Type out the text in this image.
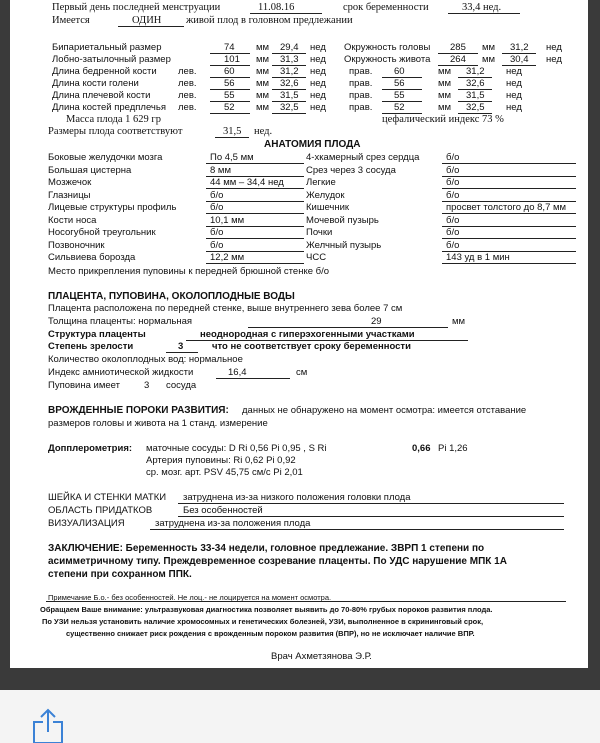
Первый день последней менструации	11.08.16	срок беременности	33,4 нед.
Имеется	ОДИН живой плод в головном предлежании
Бипариетальный размер	74 мм 29,4 нед Окружность головы 285 мм 31,2 нед
Лобно-затылочный размер	101 мм 31,3 нед Окружность живота 264 мм 30,4 нед
Длина бедренной кости лев.	60 мм 31,2 нед прав. 60	мм 31,2 нед
Длина кости голени	лев.	56 мм 32,6 нед прав. 56	мм 32,6 нед
Длина плечевой кости	лев.	55 мм 31,5 нед прав. 55	мм 31,5 нед
Длина костей предплечья лев.	52 мм 32,5 нед прав. 52	мм 32,5 нед
Масса плода 1 629 гр	цефалический индекс 73 %
Размеры плода соответствуют	31,5 нед.
АНАТОМИЯ ПЛОДА
Боковые желудочки мозга	По 4,5 мм	4-хкамерный срез сердца	б/о
Большая цистерна	8 мм	Срез через 3 сосуда	б/о
Мозжечок	44 мм – 34,4 нед Легкие	б/о
Глазницы	б/о	Желудок	б/о
Лицевые структуры профиль	б/о	Кишечник	просвет толстого до 8,7 мм
Кости носа	10,1 мм	Мочевой пузырь	б/о
Носогубной треугольник	б/о	Почки	б/о
Позвоночник	б/о	Желчный пузырь	б/о
Сильвиева борозда	12,2 мм	ЧСС	143 уд в 1 мин
Место прикрепления пуповины к передней брюшной стенке б/о
ПЛАЦЕНТА, ПУПОВИНА, ОКОЛОПЛОДНЫЕ ВОДЫ
Плацента расположена по передней стенке, выше внутреннего зева более 7 см
Толщина плаценты: нормальная	29	мм
Структура плаценты	неоднородная с гиперэхогенными участками
Степень зрелости	3	что не соответствует сроку беременности
Количество околоплодных вод: нормальное
Индекс амниотической жидкости	16,4	см
Пуповина имеет	3 сосуда
ВРОЖДЕННЫЕ ПОРОКИ РАЗВИТИЯ: данных не обнаружено на момент осмотра: имеется отставание
размеров головы и живота на 1 станд. измерение
Допплерометрия: маточные сосуды: D Ri 0,56 Pi 0,95 , S Ri	0,66 Pi 1,26
Артерия пуповины: Ri 0,62 Pi 0,92
ср. мозг. арт. PSV 45,75 см/с Pi 2,01
ШЕЙКА И СТЕНКИ МАТКИ затруднена из-за низкого положения головки плода
ОБЛАСТЬ ПРИДАТКОВ	Без особенностей
ВИЗУАЛИЗАЦИЯ	затруднена из-за положения плода
ЗАКЛЮЧЕНИЕ: Беременность 33-34 недели, головное предлежание. ЗВРП 1 степени по
асимметричному типу. Преждевременное созревание плаценты. По УДС нарушение МПК 1А
степени при сохранном ППК.
Примечание Б.о.- без особенностей. Не лоц.- не лоцируется на момент осмотра.
Обращаем Ваше внимание: ультразвуковая диагностика позволяет выявить до 70-80% грубых пороков развития плода.
По УЗИ нельзя установить наличие хромосомных и генетических болезней, УЗИ, выполненное в скрининговый срок,
существенно снижает риск рождения с врожденным пороком развития (ВПР), но не исключает наличие ВПР.
Врач Ахметзянова Э.Р.
